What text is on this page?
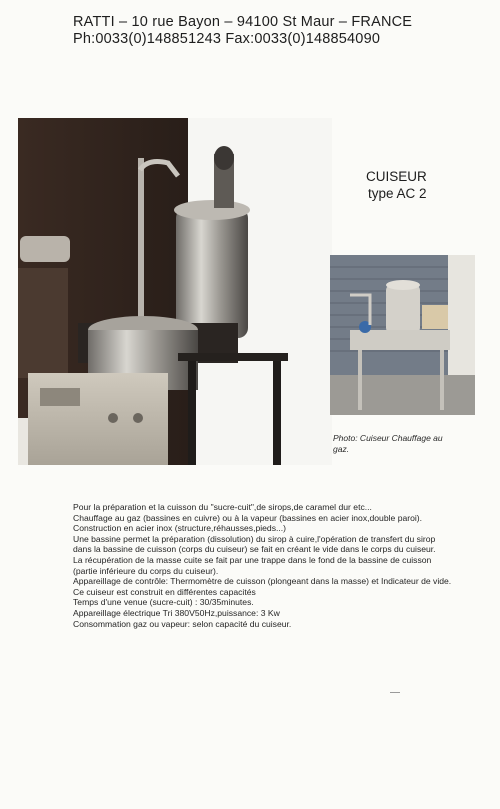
RATTI – 10 rue Bayon – 94100 St Maur – FRANCE
Ph:0033(0)148851243 Fax:0033(0)148854090
CUISEUR
type AC 2
Photo: Cuiseur Chauffage au gaz.

Pour la préparation et la cuisson du "sucre-cuit",de sirops,de caramel dur etc...

Chauffage au gaz (bassines en cuivre) ou à la vapeur (bassines en acier inox,double paroi).

Construction en acier inox (structure,réhausses,pieds...)

Une bassine permet la préparation (dissolution) du sirop à cuire,l'opération de transfert du sirop dans la bassine de cuisson (corps du cuiseur) se fait en créant le vide dans le corps du cuiseur.

La récupération de la masse cuite se fait par une trappe dans le fond de la bassine de cuisson (partie inférieure du corps du cuiseur).

Appareillage de contrôle: Thermomètre de cuisson (plongeant dans la masse) et Indicateur de vide.

Ce cuiseur est construit en différentes capacités

Temps d'une venue (sucre-cuit) : 30/35minutes.

Appareillage électrique Tri 380V50Hz,puissance: 3 Kw

Consommation gaz ou vapeur: selon capacité du cuiseur.
